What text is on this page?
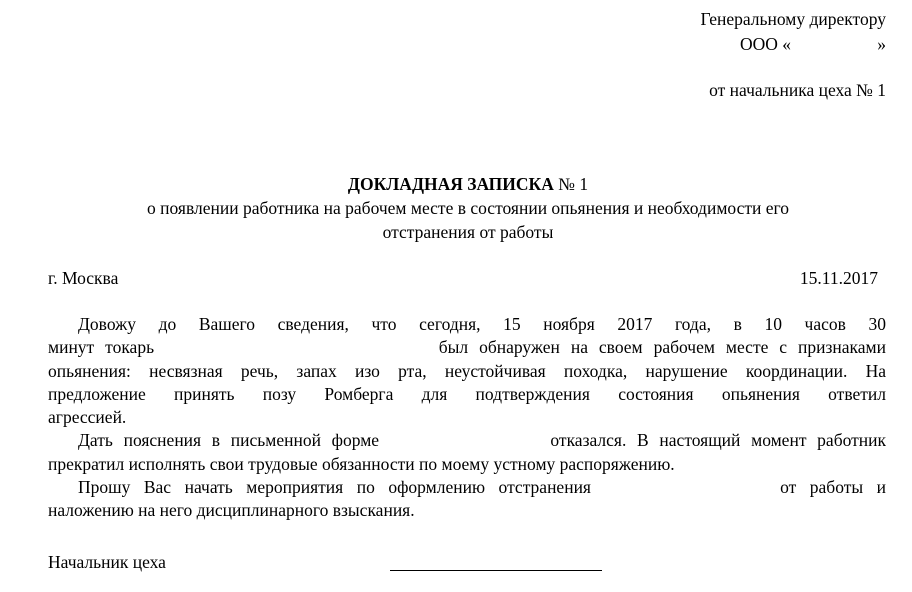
Генеральному директору
ООО «	»
от начальника цеха № 1
ДОКЛАДНАЯ ЗАПИСКА № 1
о появлении работника на рабочем месте в состоянии опьянения и необходимости его
отстранения от работы
г. Москва	15.11.2017
Довожу до Вашего сведения, что сегодня, 15 ноября 2017 года, в 10 часов 30
минут токарь                          был обнаружен на своем рабочем месте с признаками
опьянения: несвязная речь, запах изо рта, неустойчивая походка, нарушение координации. На
предложение принять позу Ромберга для подтверждения состояния опьянения ответил
агрессией.
Дать пояснения в письменной форме                отказался. В настоящий момент работник
прекратил исполнять свои трудовые обязанности по моему устному распоряжению.
Прошу Вас начать мероприятия по оформлению отстранения              от работы и
наложению на него дисциплинарного взыскания.
Начальник цеха
